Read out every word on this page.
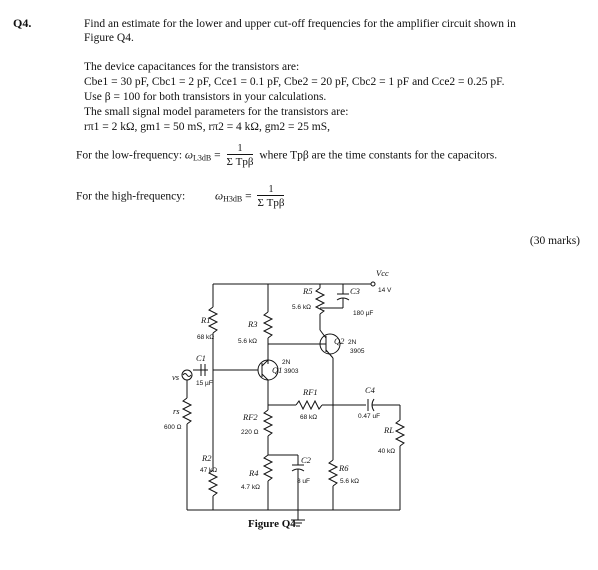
Q4.	Find an estimate for the lower and upper cut-off frequencies for the amplifier circuit shown in
Figure Q4.
The device capacitances for the transistors are:
Cbe1 = 30 pF, Cbc1 = 2 pF, Cce1 = 0.1 pF, Cbe2 = 20 pF, Cbc2 = 1 pF and Cce2 = 0.25 pF.
Use β = 100 for both transistors in your calculations.
The small signal model parameters for the transistors are:
rπ1 = 2 kΩ, gm1 = 50 mS, rπ2 = 4 kΩ, gm2 = 25 mS,
For the low-frequency: $\omega_{L3dB} = \frac{1}{\text{Σ Tpβ}}$ where Tpβ are the time constants for the capacitors.
For the high-frequency:	$\omega_{H3dB} = \frac{1}{\text{Σ Tpβ}}$
(30 marks)
Vcc
14 V
R1
68 kΩ
R3
5.6 kΩ
R5
5.6 kΩ
C3
180 µF
Q2 2N
3905
2N
Q1 3903
C1
15 µF
vs
rs
600 Ω
RF1
68 kΩ
RF2
220 Ω
C4
0.47 uF
RL
40 kΩ
R2
47 kΩ	R4
4.7 kΩ
C2
8 uF
R6
5.6 kΩ
Figure Q4
